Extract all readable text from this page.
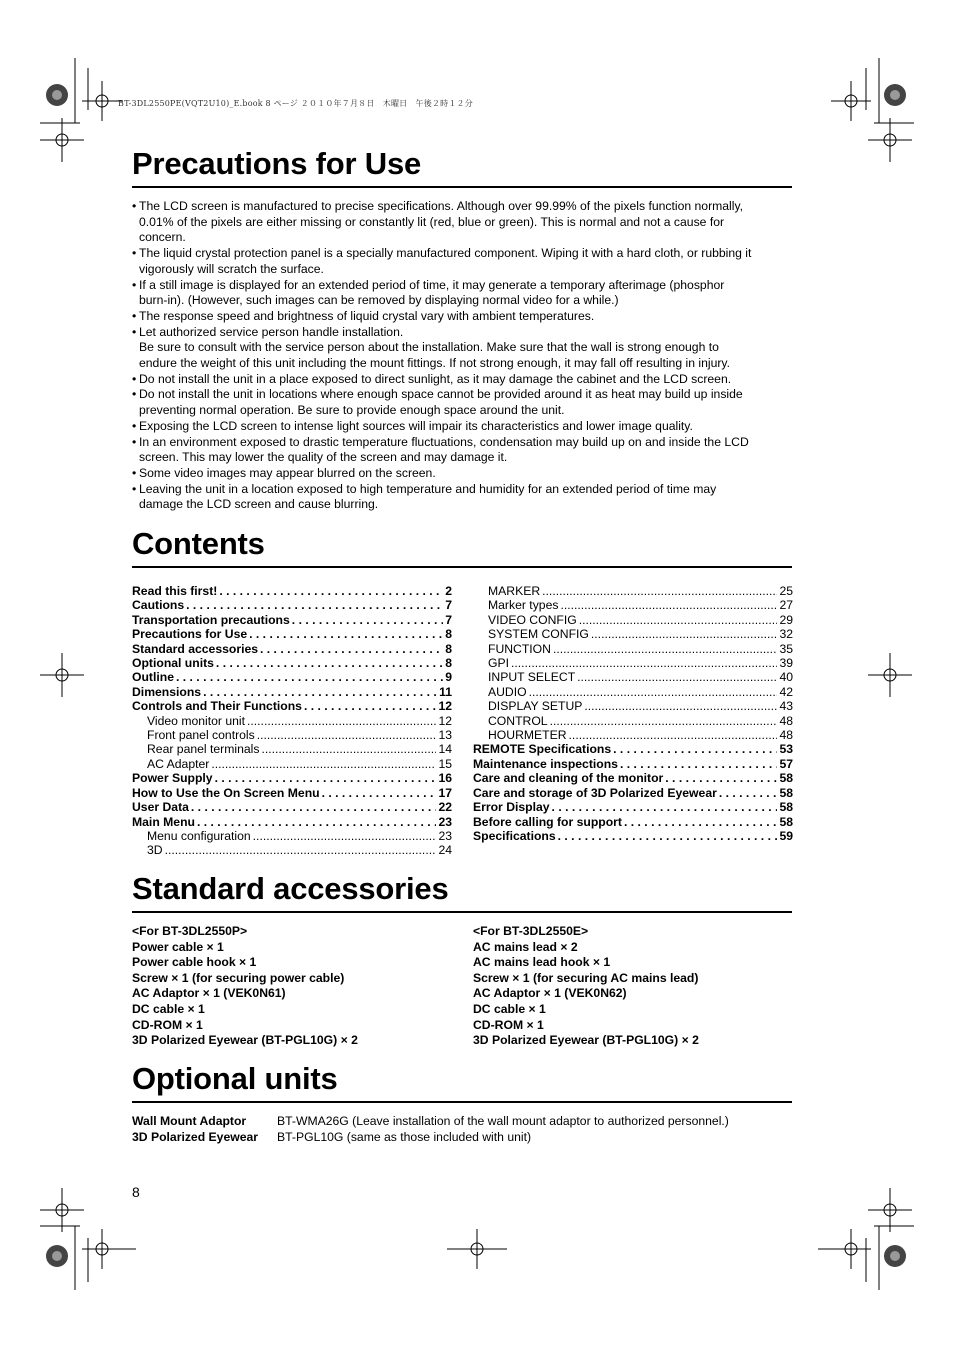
BT-3DL2550PE(VQT2U10)_E.book 8 ページ ２０１０年７月８日　木曜日　午後２時１２分
Precautions for Use
• The LCD screen is manufactured to precise specifications. Although over 99.99% of the pixels function normally,
0.01% of the pixels are either missing or constantly lit (red, blue or green). This is normal and not a cause for
concern.
• The liquid crystal protection panel is a specially manufactured component. Wiping it with a hard cloth, or rubbing it
vigorously will scratch the surface.
• If a still image is displayed for an extended period of time, it may generate a temporary afterimage (phosphor
burn-in). (However, such images can be removed by displaying normal video for a while.)
• The response speed and brightness of liquid crystal vary with ambient temperatures.
• Let authorized service person handle installation.
Be sure to consult with the service person about the installation. Make sure that the wall is strong enough to
endure the weight of this unit including the mount fittings. If not strong enough, it may fall off resulting in injury.
• Do not install the unit in a place exposed to direct sunlight, as it may damage the cabinet and the LCD screen.
• Do not install the unit in locations where enough space cannot be provided around it as heat may build up inside
preventing normal operation. Be sure to provide enough space around the unit.
• Exposing the LCD screen to intense light sources will impair its characteristics and lower image quality.
• In an environment exposed to drastic temperature fluctuations, condensation may build up on and inside the LCD
screen. This may lower the quality of the screen and may damage it.
• Some video images may appear blurred on the screen.
• Leaving the unit in a location exposed to high temperature and humidity for an extended period of time may
damage the LCD screen and cause blurring.
Contents
Read this first! . . .	2
Cautions . . .	7
Transportation precautions . . .	7
Precautions for Use . . .	8
Standard accessories . . .	8
Optional units . . .	8
Outline . . .	9
Dimensions . . .	11
Controls and Their Functions . . .	12
Video monitor unit .....	12
Front panel controls .....	13
Rear panel terminals .....	14
AC Adapter .....	15
Power Supply . . .	16
How to Use the On Screen Menu . . .	17
User Data . . .	22
Main Menu . . .	23
Menu configuration .....	23
3D .....	24
MARKER .....	25
Marker types .....	27
VIDEO CONFIG .....	29
SYSTEM CONFIG .....	32
FUNCTION .....	35
GPI .....	39
INPUT SELECT .....	40
AUDIO .....	42
DISPLAY SETUP .....	43
CONTROL .....	48
HOURMETER .....	48
REMOTE Specifications . . .	53
Maintenance inspections . . .	57
Care and cleaning of the monitor . . .	58
Care and storage of 3D Polarized Eyewear . . .	58
Error Display . . .	58
Before calling for support . . .	58
Specifications . . .	59
Standard accessories
<For BT-3DL2550P>
Power cable × 1
Power cable hook × 1
Screw × 1 (for securing power cable)
AC Adaptor × 1 (VEK0N61)
DC cable × 1
CD-ROM × 1
3D Polarized Eyewear (BT-PGL10G) × 2
<For BT-3DL2550E>
AC mains lead × 2
AC mains lead hook × 1
Screw × 1 (for securing AC mains lead)
AC Adaptor × 1 (VEK0N62)
DC cable × 1
CD-ROM × 1
3D Polarized Eyewear (BT-PGL10G) × 2
Optional units
Wall Mount Adaptor	BT-WMA26G (Leave installation of the wall mount adaptor to authorized personnel.)
3D Polarized Eyewear	BT-PGL10G (same as those included with unit)
8
